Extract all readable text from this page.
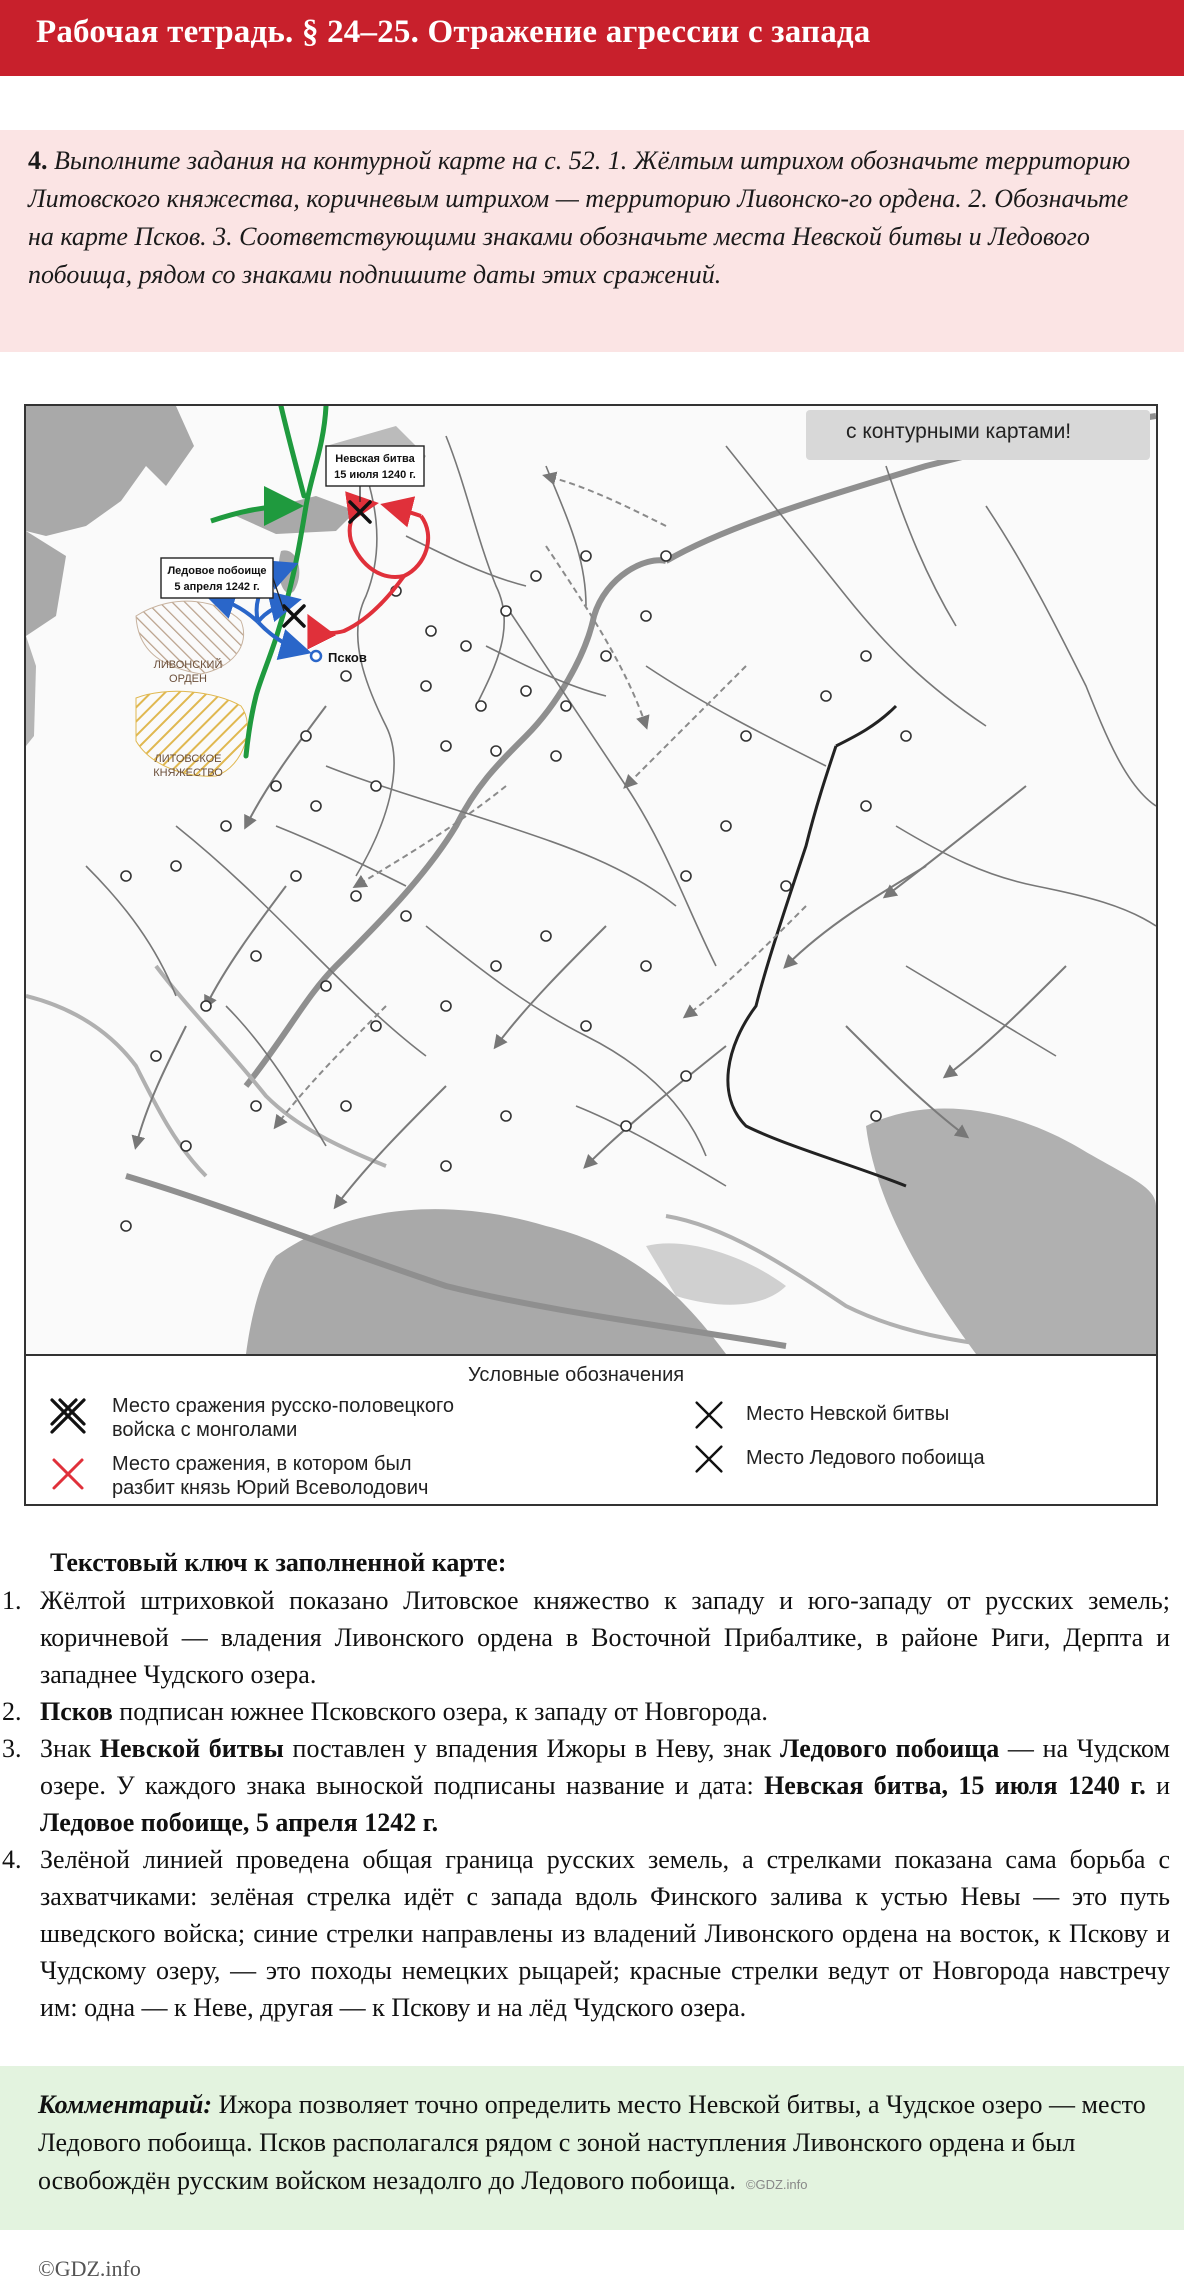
Рабочая тетрадь. § 24–25. Отражение агрессии с запада
4. Выполните задания на контурной карте на с. 52. 1. Жёлтым штрихом обозначьте территорию Литовского княжества, коричневым штрихом — территорию Ливонско-го ордена. 2. Обозначьте на карте Псков. 3. Соответствующими знаками обозначьте места Невской битвы и Ледового побоища, рядом со знаками подпишите даты этих сражений.
Невская битва
15 июля 1240 г.
Ледовое побоище
5 апреля 1242 г.
Псков
ЛИВОНСКИЙ
ОРДЕН
ЛИТОВСКОЕ
КНЯЖЕСТВО
с контурными картами!
Условные обозначения
Место сражения русско-половецкого
войска с монголами
Место сражения, в котором был
разбит князь Юрий Всеволодович
Место Невской битвы
Место Ледового побоища
Текстовый ключ к заполненной карте:
1. Жёлтой штриховкой показано Литовское княжество к западу и юго-западу от русских земель; коричневой — владения Ливонского ордена в Восточной Прибалтике, в районе Риги, Дерпта и западнее Чудского озера.
2. Псков подписан южнее Псковского озера, к западу от Новгорода.
3. Знак Невской битвы поставлен у впадения Ижоры в Неву, знак Ледового побоища — на Чудском озере. У каждого знака выноской подписаны название и дата: Невская битва, 15 июля 1240 г. и Ледовое побоище, 5 апреля 1242 г.
4. Зелёной линией проведена общая граница русских земель, а стрелками показана сама борьба с захватчиками: зелёная стрелка идёт с запада вдоль Финского залива к устью Невы — это путь шведского войска; синие стрелки направлены из владений Ливонского ордена на восток, к Пскову и Чудскому озеру, — это походы немецких рыцарей; красные стрелки ведут от Новгорода навстречу им: одна — к Неве, другая — к Пскову и на лёд Чудского озера.
Комментарий: Ижора позволяет точно определить место Невской битвы, а Чудское озеро — место Ледового побоища. Псков располагался рядом с зоной наступления Ливонского ордена и был освобождён русским войском незадолго до Ледового побоища. ©GDZ.info
©GDZ.info
